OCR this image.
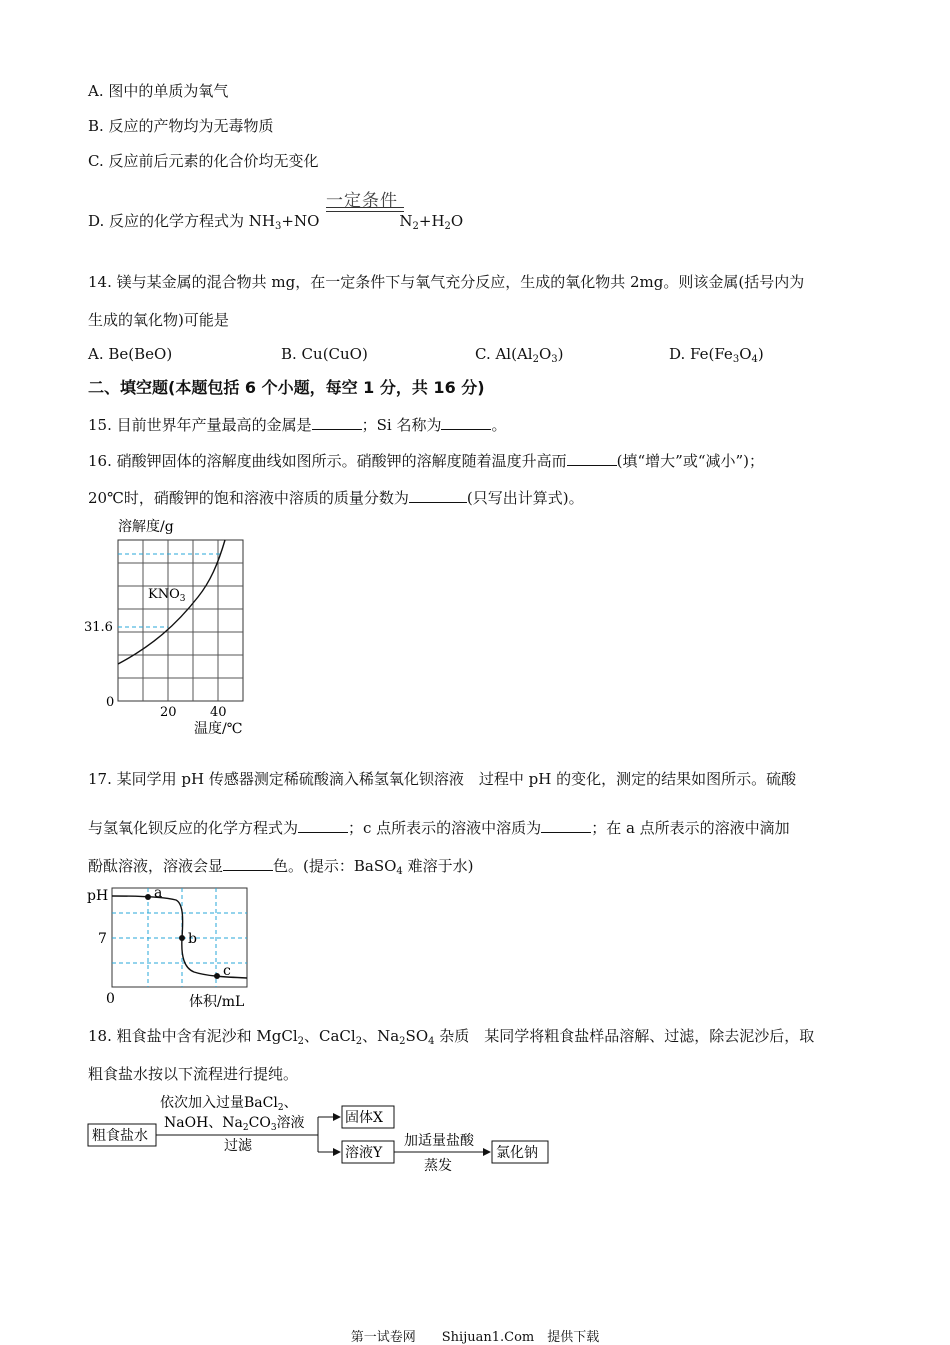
A. 图中的单质为氧气
B. 反应的产物均为无毒物质
C. 反应前后元素的化合价均无变化
一定条件
D. 反应的化学方程式为 $NH_3+NO$	$N_2+H_2O$
14. 镁与某金属的混合物共 mg，在一定条件下与氧气充分反应，生成的氧化物共 2mg。则该金属(括号内为
生成的氧化物)可能是
A. Be(BeO)	B. Cu(CuO)	C. $Al(Al_2O_3)$	D. $Fe(Fe_3O_4)$
二、填空题(本题包括 6 个小题，每空 1 分，共 16 分)
15. 目前世界年产量最高的金属是	；Si 名称为	。
16. 硝酸钾固体的溶解度曲线如图所示。硝酸钾的溶解度随着温度升高而	(填“增大”或“减小”)；
20℃时，硝酸钾的饱和溶液中溶质的质量分数为	(只写出计算式)。
溶解度/g
$KNO_3$
31.6
0
20	40
温度/℃
17. 某同学用 pH 传感器测定稀硫酸滴入稀氢氧化钡溶液　过程中 pH 的变化，测定的结果如图所示。硫酸
与氢氧化钡反应的化学方程式为	；c 点所表示的溶液中溶质为	；在 a 点所表示的溶液中滴加
酚酞溶液，溶液会显	色。(提示：BaSO$_4$ 难溶于水)
pH	a
b
c
7
0	体积/mL
18. 粗食盐中含有泥沙和 MgCl$_2$、CaCl$_2$、$Na_2SO_4$ 杂质　某同学将粗食盐样品溶解、过滤，除去泥沙后，取
粗食盐水按以下流程进行提纯。
粗食盐水
依次加入过量BaCl$_2$、
NaOH、$Na_2CO_3$溶液
过滤
固体X
溶液Y
加适量盐酸
蒸发
氯化钠
第一试卷网　　Shijuan1.Com　提供下载
